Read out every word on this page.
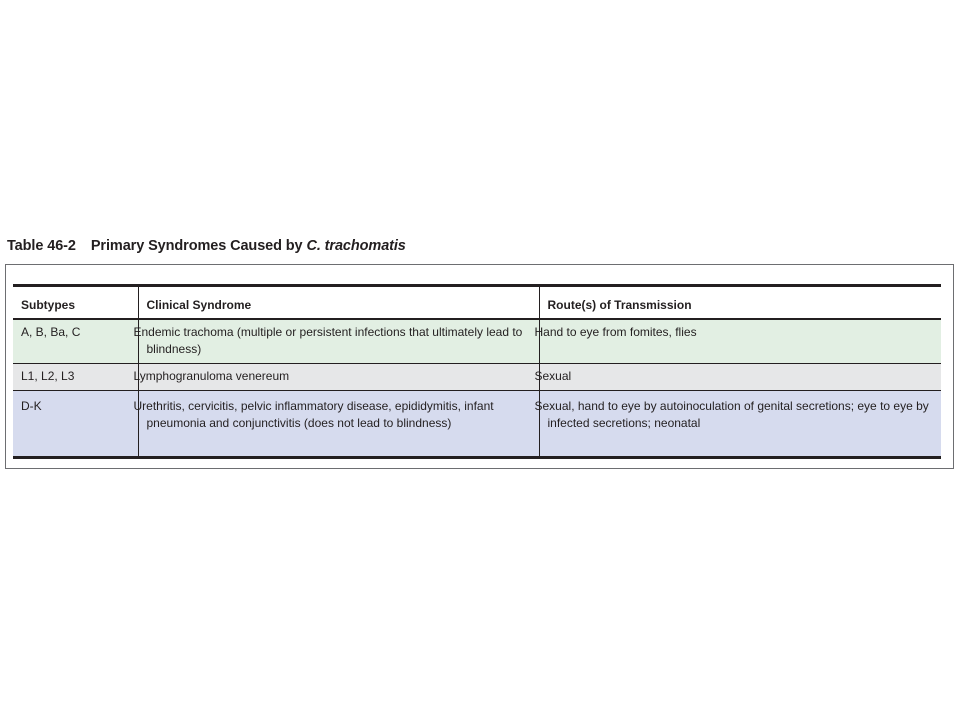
Table 46-2 Primary Syndromes Caused by C. trachomatis
Subtypes	Clinical Syndrome	Route(s) of Transmission
A, B, Ba, C	Endemic trachoma (multiple or persistent infections that ultimately lead to blindness)	Hand to eye from fomites, flies
L1, L2, L3	Lymphogranuloma venereum	Sexual
D-K	Urethritis, cervicitis, pelvic inflammatory disease, epididymitis, infant pneumonia and conjunctivitis (does not lead to blindness)	Sexual, hand to eye by autoinoculation of genital secretions; eye to eye by infected secretions; neonatal
